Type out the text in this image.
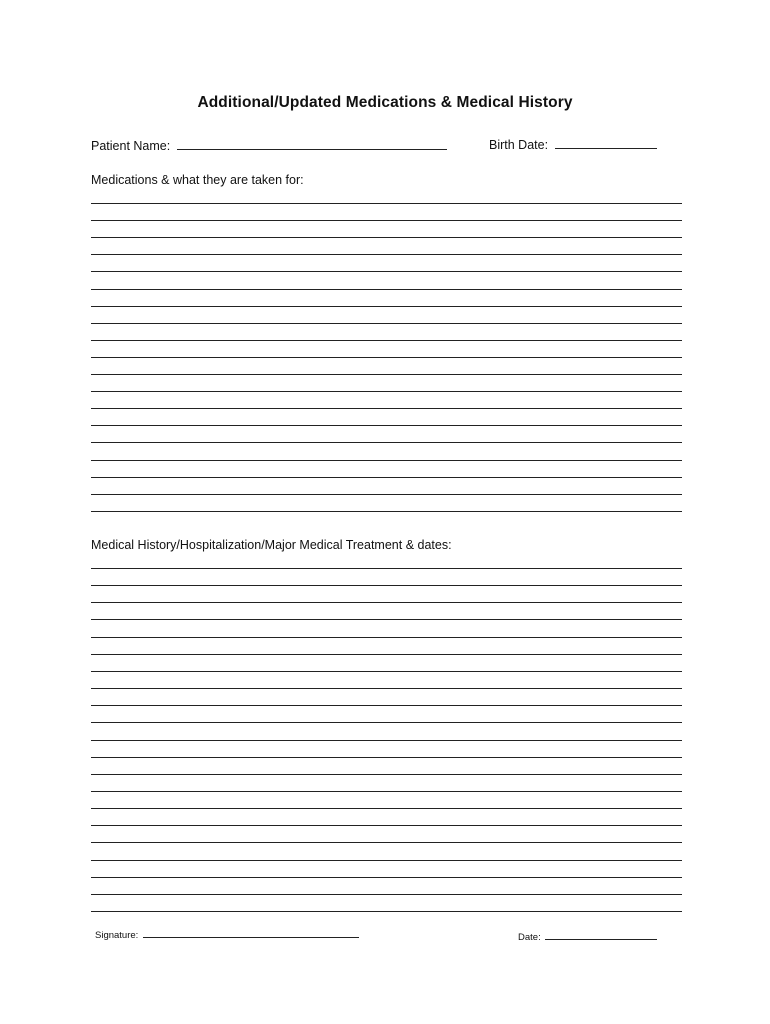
Additional/Updated Medications & Medical History
Patient Name:	Birth Date:
Medications & what they are taken for:
Medical History/Hospitalization/Major Medical Treatment & dates:
Signature:	Date:
